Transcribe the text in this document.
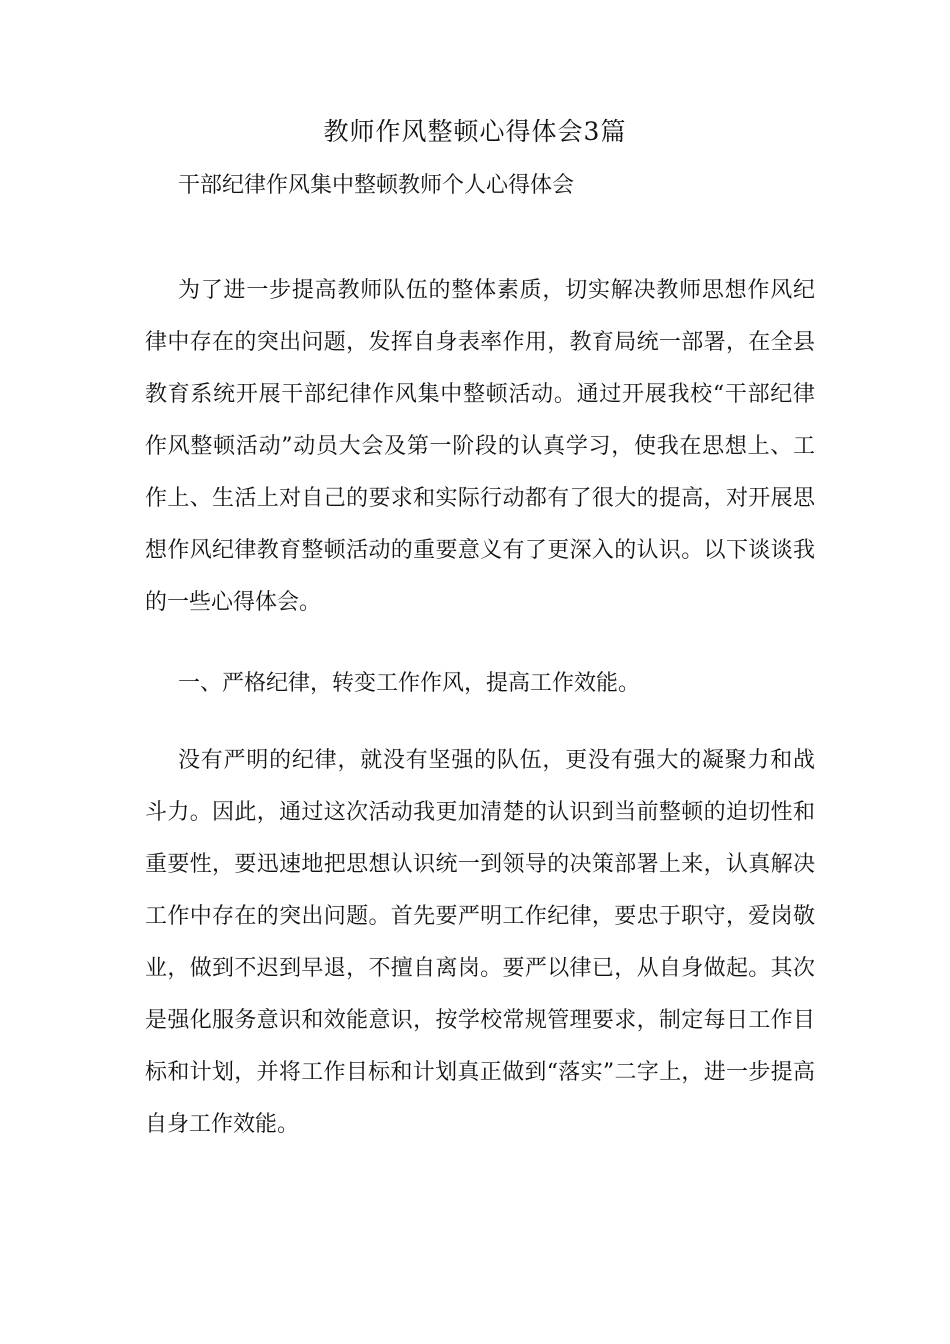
教师作风整顿心得体会3篇
干部纪律作风集中整顿教师个人心得体会

为了进一步提高教师队伍的整体素质，切实解决教师思想作风纪律中存在的突出问题，发挥自身表率作用，教育局统一部署，在全县教育系统开展干部纪律作风集中整顿活动。通过开展我校“干部纪律作风整顿活动”动员大会及第一阶段的认真学习，使我在思想上、工作上、生活上对自己的要求和实际行动都有了很大的提高，对开展思想作风纪律教育整顿活动的重要意义有了更深入的认识。以下谈谈我的一些心得体会。

一、严格纪律，转变工作作风，提高工作效能。

没有严明的纪律，就没有坚强的队伍，更没有强大的凝聚力和战斗力。因此，通过这次活动我更加清楚的认识到当前整顿的迫切性和重要性，要迅速地把思想认识统一到领导的决策部署上来，认真解决工作中存在的突出问题。首先要严明工作纪律，要忠于职守，爱岗敬业，做到不迟到早退，不擅自离岗。要严以律已，从自身做起。其次是强化服务意识和效能意识，按学校常规管理要求，制定每日工作目标和计划，并将工作目标和计划真正做到“落实”二字上，进一步提高自身工作效能。
